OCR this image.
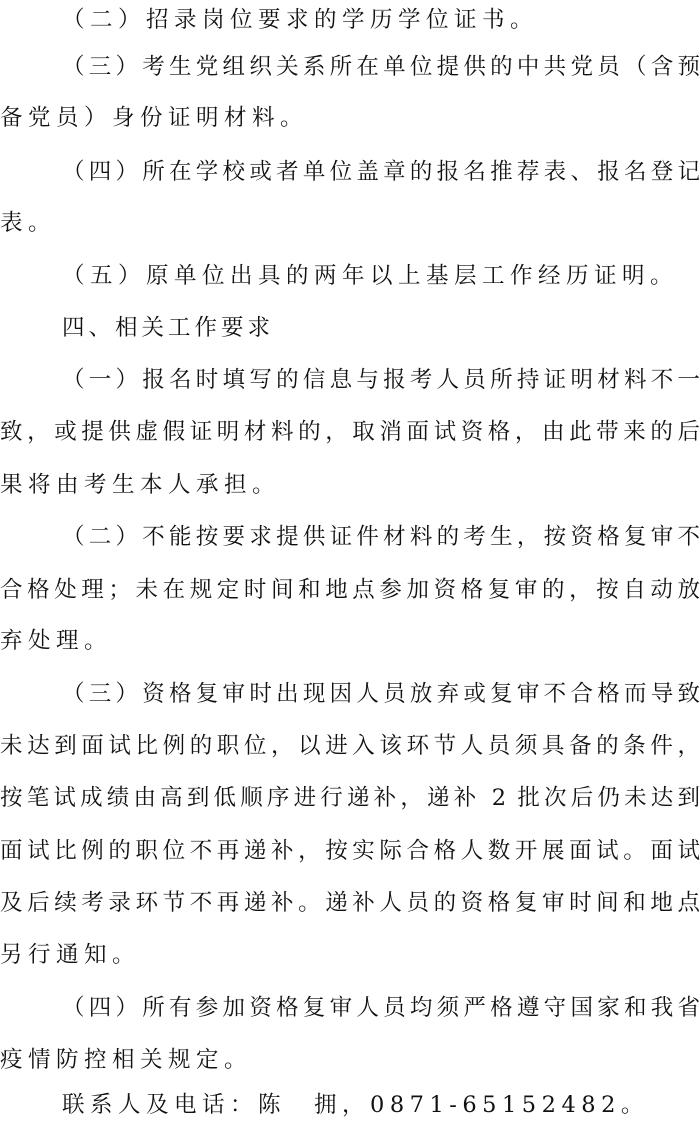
（二）招录岗位要求的学历学位证书。
（三）考生党组织关系所在单位提供的中共党员（含预
备党员）身份证明材料。
（四）所在学校或者单位盖章的报名推荐表、报名登记
表。
（五）原单位出具的两年以上基层工作经历证明。
四、相关工作要求
（一）报名时填写的信息与报考人员所持证明材料不一
致，或提供虚假证明材料的，取消面试资格，由此带来的后
果将由考生本人承担。
（二）不能按要求提供证件材料的考生，按资格复审不
合格处理；未在规定时间和地点参加资格复审的，按自动放
弃处理。
（三）资格复审时出现因人员放弃或复审不合格而导致
未达到面试比例的职位，以进入该环节人员须具备的条件，
按笔试成绩由高到低顺序进行递补，递补 2 批次后仍未达到
面试比例的职位不再递补，按实际合格人数开展面试。面试
及后续考录环节不再递补。递补人员的资格复审时间和地点
另行通知。
（四）所有参加资格复审人员均须严格遵守国家和我省
疫情防控相关规定。
联系人及电话：陈　拥，0871-65152482。
